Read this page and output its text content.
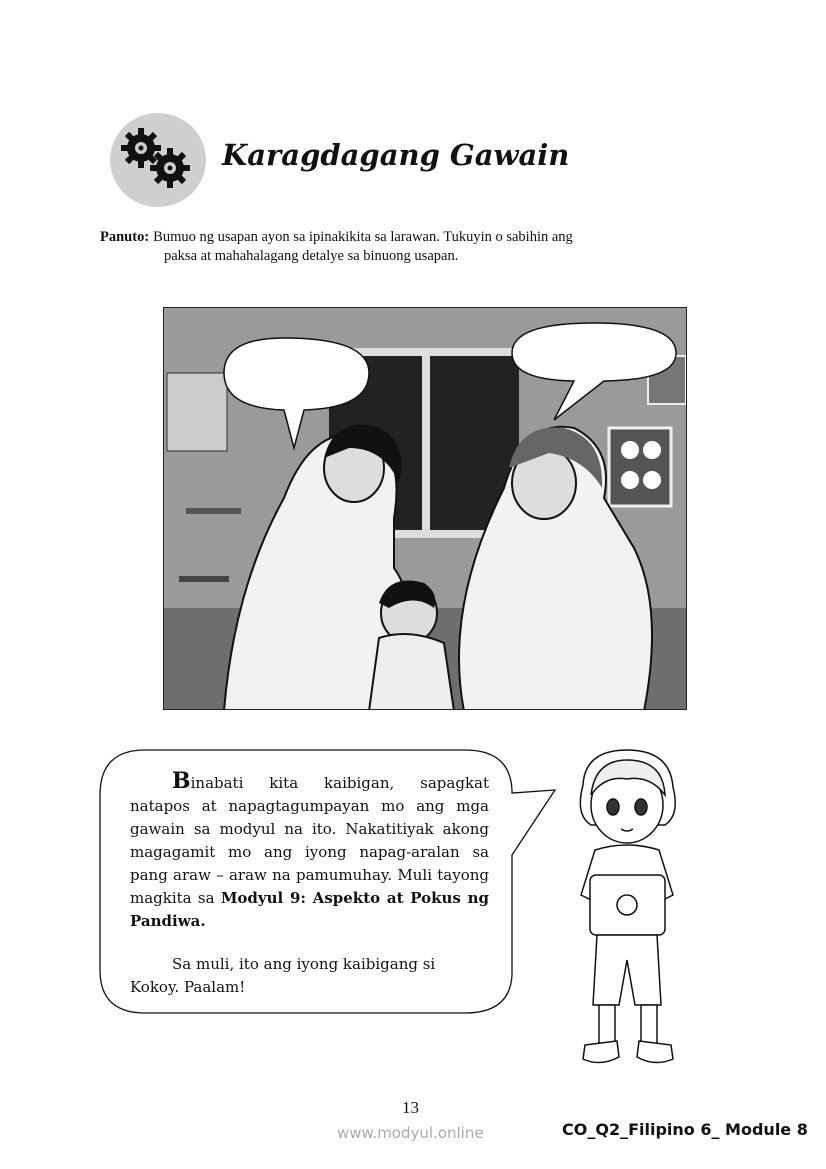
Karagdagang Gawain
Panuto: Bumuo ng usapan ayon sa ipinakikita sa larawan. Tukuyin o sabihin ang
paksa at mahahalagang detalye sa binuong usapan.

Binabati kita kaibigan, sapagkat natapos at napagtagumpayan mo ang mga gawain sa modyul na ito. Nakatitiyak akong magagamit mo ang iyong napag-aralan sa pang araw – araw na pamumuhay. Muli tayong magkita sa Modyul 9: Aspekto at Pokus ng Pandiwa.

Sa muli, ito ang iyong kaibigang si Kokoy. Paalam!

13
www.modyul.online	CO_Q2_Filipino 6_ Module 8
